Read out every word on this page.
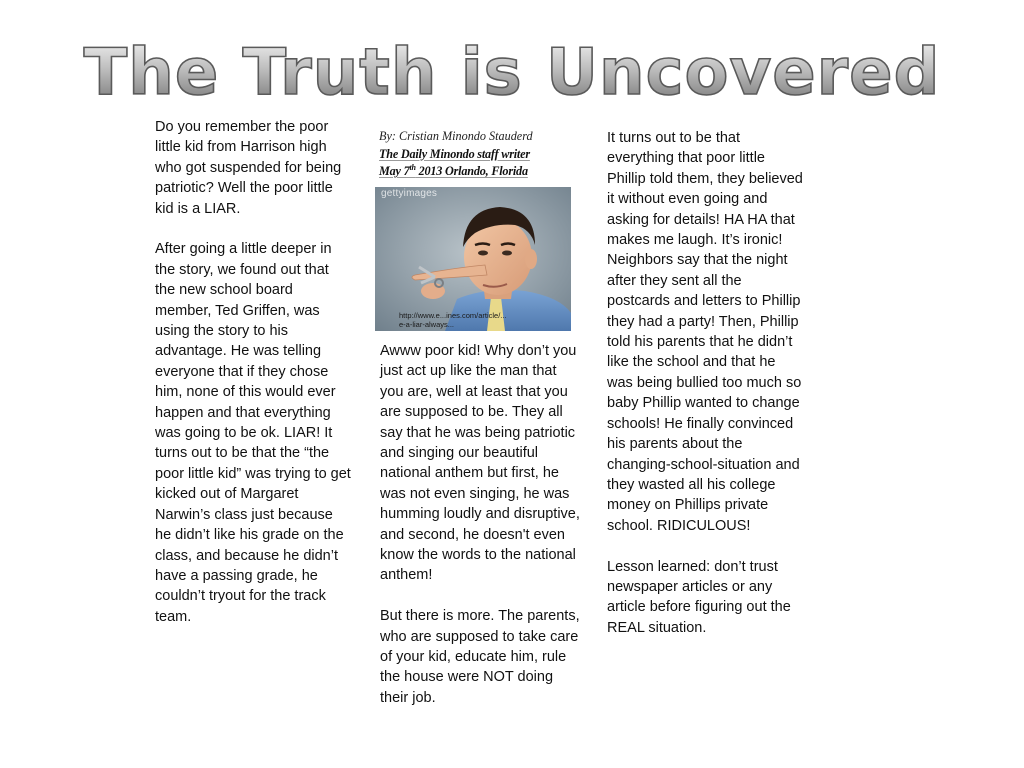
The Truth is Uncovered

Do you remember the poor little kid from Harrison high who got suspended for being patriotic? Well the poor little kid is a LIAR.

After going a little deeper in the story, we found out that the new school board member, Ted Griffen, was using the story to his advantage. He was telling everyone that if they chose him, none of this would ever happen and that everything was going to be ok. LIAR! It turns out to be that the “the poor little kid” was trying to get kicked out of Margaret Narwin’s class just because he didn’t like his grade on the class, and because he didn’t have a passing grade, he couldn’t tryout for the track team.

By: Cristian Minondo Stauderd
The Daily Minondo staff writer
May 7th 2013 Orlando, Florida
gettyimages
http://www.e...ines.com/article/...
e-a-liar-always...

Awww poor kid! Why don’t you just act up like the man that you are, well at least that you are supposed to be. They all say that he was being patriotic and singing our beautiful national anthem but first, he was not even singing, he was humming loudly and disruptive, and second, he doesn't even know the words to the national anthem!

But there is more. The parents, who are supposed to take care of your kid, educate him, rule the house were NOT doing their job.

It turns out to be that everything that poor little Phillip told them, they believed it without even going and asking for details! HA HA that makes me laugh. It’s ironic! Neighbors say that the night after they sent all the postcards and letters to Phillip they had a party! Then, Phillip told his parents that he didn’t like the school and that he was being bullied too much so baby Phillip wanted to change schools! He finally convinced his parents about the changing-school-situation and they wasted all his college money on Phillips private school. RIDICULOUS!

Lesson learned: don’t trust newspaper articles or any article before figuring out the REAL situation.
